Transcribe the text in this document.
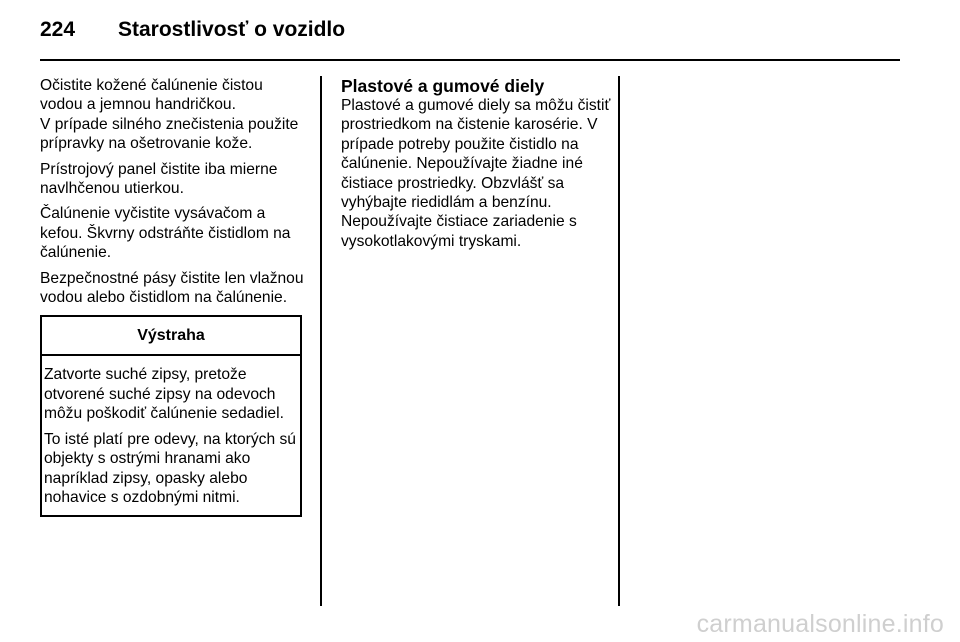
224	Starostlivosť o vozidlo

Očistite kožené čalúnenie čistou vodou a jemnou handričkou.

V prípade silného znečistenia použite prípravky na ošetrovanie kože.

Prístrojový panel čistite iba mierne navlhčenou utierkou.

Čalúnenie vyčistite vysávačom a kefou. Škvrny odstráňte čistidlom na čalúnenie.

Bezpečnostné pásy čistite len vlažnou vodou alebo čistidlom na čalúnenie.

Výstraha

Zatvorte suché zipsy, pretože otvorené suché zipsy na odevoch môžu poškodiť čalúnenie sedadiel.

To isté platí pre odevy, na ktorých sú objekty s ostrými hranami ako napríklad zipsy, opasky alebo nohavice s ozdobnými nitmi.

Plastové a gumové diely

Plastové a gumové diely sa môžu čistiť prostriedkom na čistenie karosérie. V prípade potreby použite čistidlo na čalúnenie. Nepoužívajte žiadne iné čistiace prostriedky. Obzvlášť sa vyhýbajte riedidlám a benzínu. Nepoužívajte čistiace zariadenie s vysokotlakovými tryskami.

carmanualsonline.info
